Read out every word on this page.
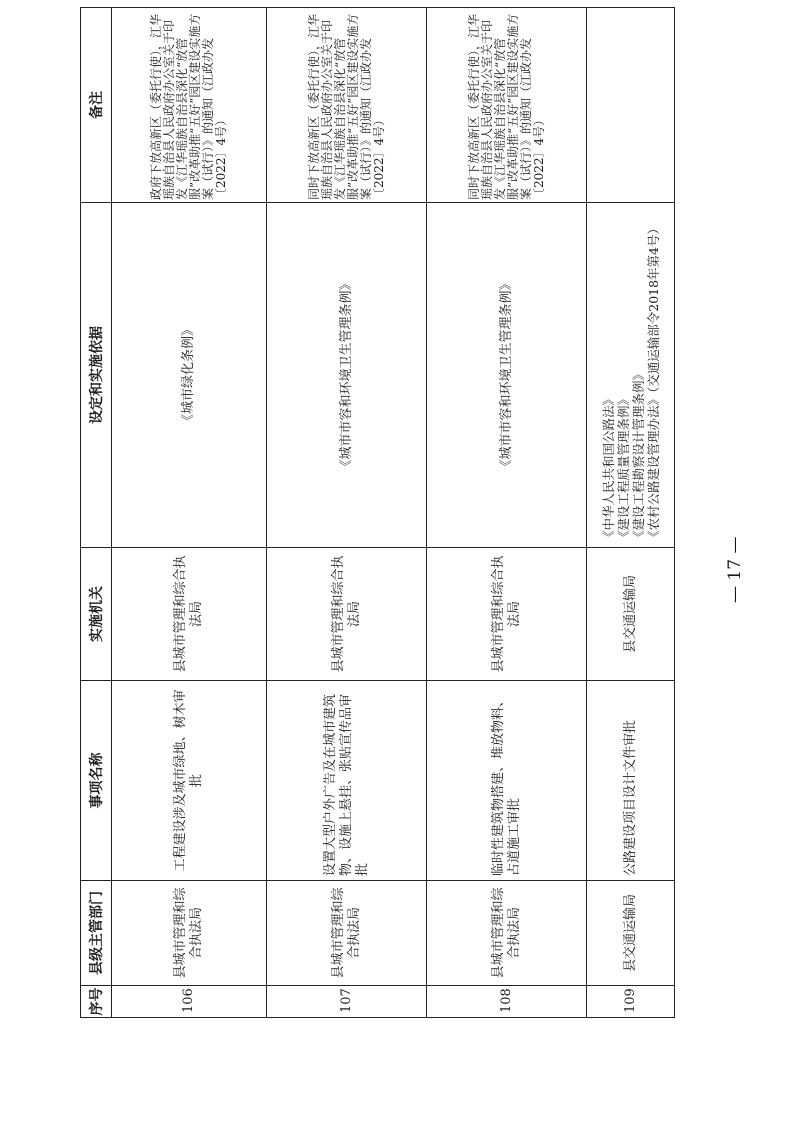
— 17 —
序号	县级主管部门	事项名称	实施机关	设定和实施依据	备注
106	县城市管理和综合执法局	工程建设涉及城市绿地、树木审批	县城市管理和综合执法局	《城市绿化条例》	政府下放高新区（委托行使），江华瑶族自治县人民政府办公室关于印发《江华瑶族自治县深化“放管服”改革助推“五好”园区建设实施方案（试行）》的通知（江政办发〔2022〕4号）
107	县城市管理和综合执法局	设置大型户外广告及在城市建筑物、设施上悬挂、张贴宣传品审批	县城市管理和综合执法局	《城市市容和环境卫生管理条例》	同时下放高新区（委托行使），江华瑶族自治县人民政府办公室关于印发《江华瑶族自治县深化“放管服”改革助推“五好”园区建设实施方案（试行）》的通知（江政办发〔2022〕4号）
108	县城市管理和综合执法局	临时性建筑物搭建、堆放物料、占道施工审批	县城市管理和综合执法局	《城市市容和环境卫生管理条例》	同时下放高新区（委托行使），江华瑶族自治县人民政府办公室关于印发《江华瑶族自治县深化“放管服”改革助推“五好”园区建设实施方案（试行）》的通知（江政办发〔2022〕4号）
109	县交通运输局	公路建设项目设计文件审批	县交通运输局	《中华人民共和国公路法》 《建设工程质量管理条例》 《建设工程勘察设计管理条例》 《农村公路建设管理办法》（交通运输部令2018年第4号）	
